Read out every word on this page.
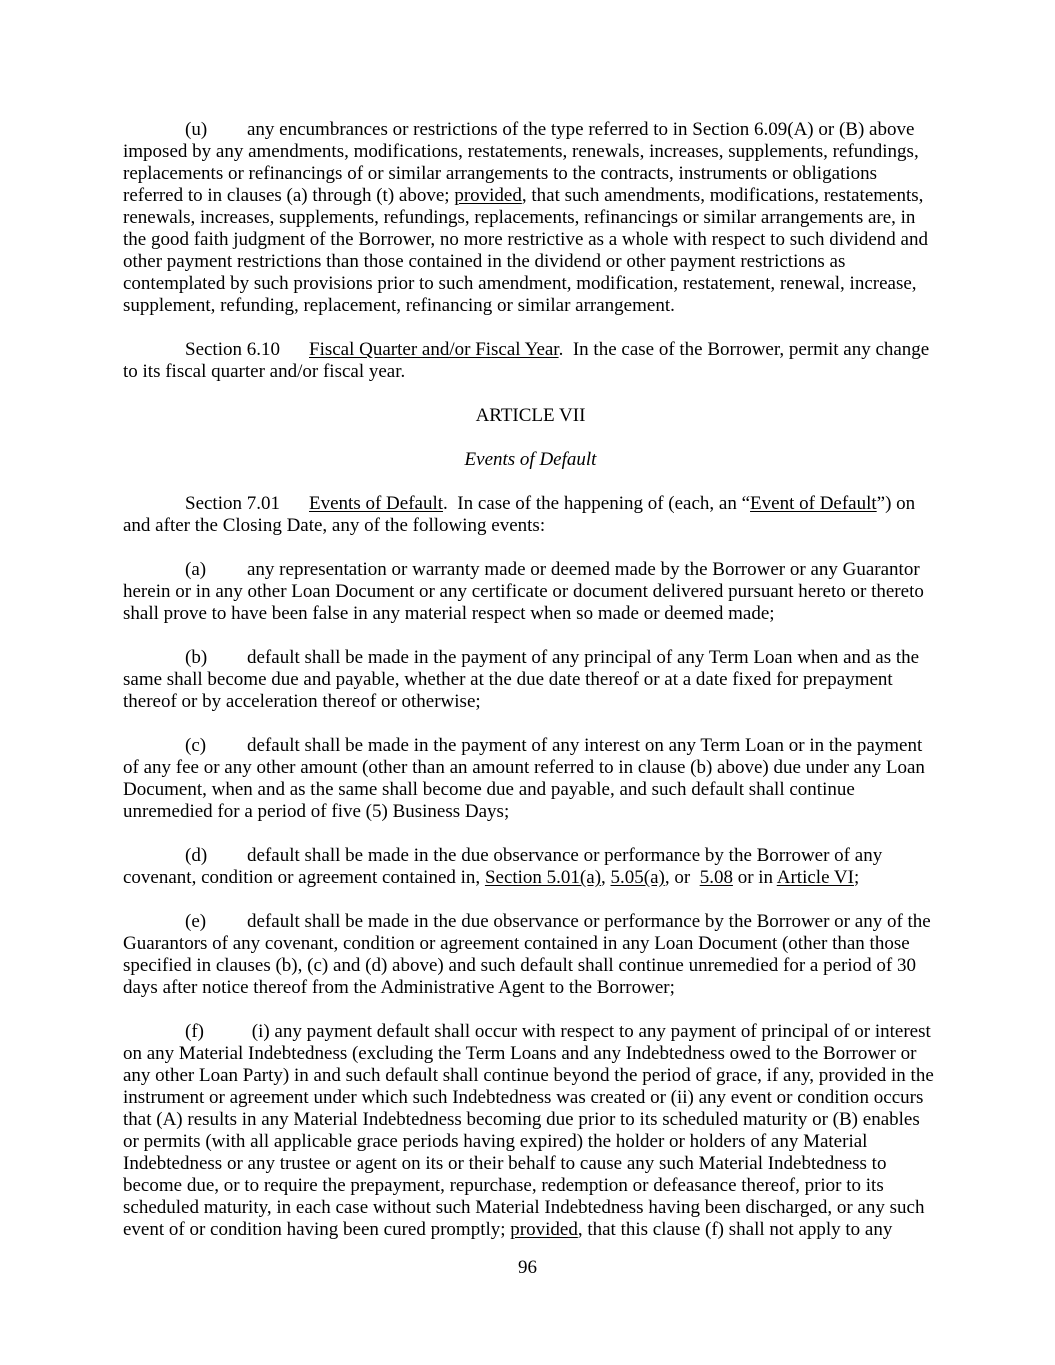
(u) any encumbrances or restrictions of the type referred to in Section 6.09(A) or (B) above imposed by any amendments, modifications, restatements, renewals, increases, supplements, refundings, replacements or refinancings of or similar arrangements to the contracts, instruments or obligations referred to in clauses (a) through (t) above; provided, that such amendments, modifications, restatements, renewals, increases, supplements, refundings, replacements, refinancings or similar arrangements are, in the good faith judgment of the Borrower, no more restrictive as a whole with respect to such dividend and other payment restrictions than those contained in the dividend or other payment restrictions as contemplated by such provisions prior to such amendment, modification, restatement, renewal, increase, supplement, refunding, replacement, refinancing or similar arrangement.

Section 6.10 Fiscal Quarter and/or Fiscal Year.  In the case of the Borrower, permit any change to its fiscal quarter and/or fiscal year.

ARTICLE VII

Events of Default

Section 7.01 Events of Default.  In case of the happening of (each, an “Event of Default”) on and after the Closing Date, any of the following events:

(a) any representation or warranty made or deemed made by the Borrower or any Guarantor herein or in any other Loan Document or any certificate or document delivered pursuant hereto or thereto shall prove to have been false in any material respect when so made or deemed made;

(b) default shall be made in the payment of any principal of any Term Loan when and as the same shall become due and payable, whether at the due date thereof or at a date fixed for prepayment thereof or by acceleration thereof or otherwise;

(c) default shall be made in the payment of any interest on any Term Loan or in the payment of any fee or any other amount (other than an amount referred to in clause (b) above) due under any Loan Document, when and as the same shall become due and payable, and such default shall continue unremedied for a period of five (5) Business Days;

(d) default shall be made in the due observance or performance by the Borrower of any covenant, condition or agreement contained in, Section 5.01(a), 5.05(a), or  5.08 or in Article VI;

(e) default shall be made in the due observance or performance by the Borrower or any of the Guarantors of any covenant, condition or agreement contained in any Loan Document (other than those specified in clauses (b), (c) and (d) above) and such default shall continue unremedied for a period of 30 days after notice thereof from the Administrative Agent to the Borrower;

(f) (i) any payment default shall occur with respect to any payment of principal of or interest on any Material Indebtedness (excluding the Term Loans and any Indebtedness owed to the Borrower or any other Loan Party) in and such default shall continue beyond the period of grace, if any, provided in the instrument or agreement under which such Indebtedness was created or (ii) any event or condition occurs that (A) results in any Material Indebtedness becoming due prior to its scheduled maturity or (B) enables or permits (with all applicable grace periods having expired) the holder or holders of any Material Indebtedness or any trustee or agent on its or their behalf to cause any such Material Indebtedness to become due, or to require the prepayment, repurchase, redemption or defeasance thereof, prior to its scheduled maturity, in each case without such Material Indebtedness having been discharged, or any such event of or condition having been cured promptly; provided, that this clause (f) shall not apply to any

96
